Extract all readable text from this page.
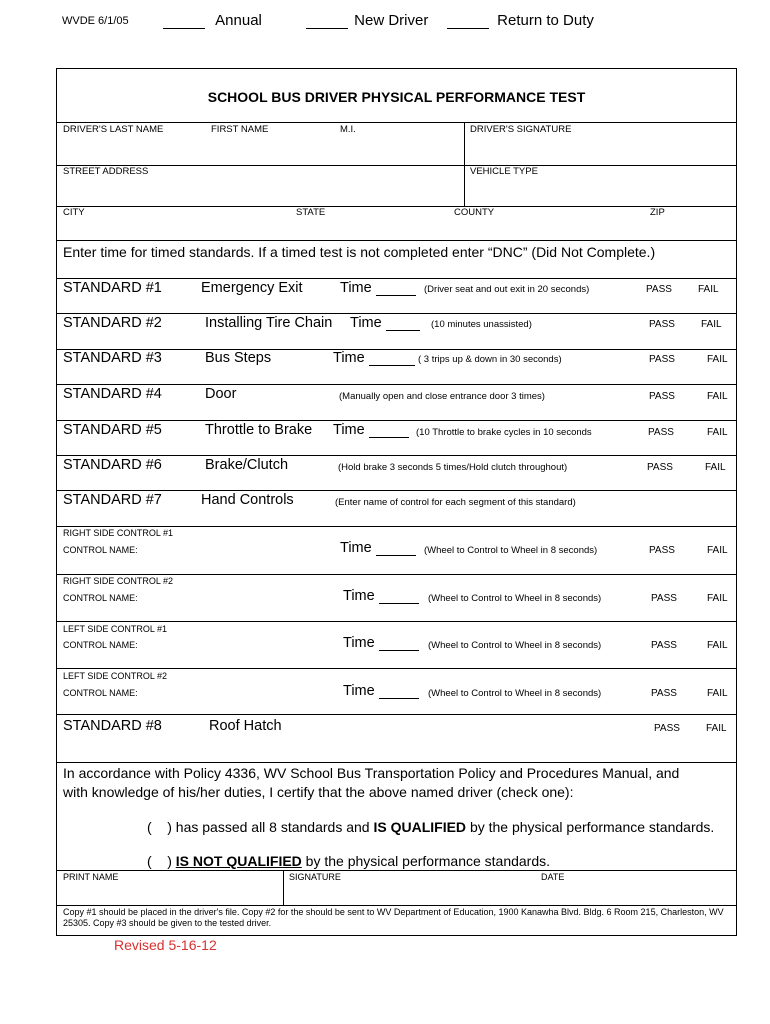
WVDE 6/1/05	Annual	New Driver	Return to Duty
SCHOOL BUS DRIVER PHYSICAL PERFORMANCE TEST
DRIVER'S LAST NAME	FIRST NAME	M.I.	DRIVER'S SIGNATURE
STREET ADDRESS	VEHICLE TYPE
CITY	STATE	COUNTY	ZIP
Enter time for timed standards. If a timed test is not completed enter “DNC” (Did Not Complete.)
STANDARD #1	Emergency Exit	Time	(Driver seat and out exit in 20 seconds)	PASS	FAIL
STANDARD #2	Installing Tire Chain Time	(10 minutes unassisted)	PASS	FAIL
STANDARD #3	Bus Steps	Time	( 3 trips up & down in 30 seconds)	PASS	FAIL
STANDARD #4	Door	(Manually open and close entrance door 3 times)	PASS	FAIL
STANDARD #5	Throttle to Brake Time	(10 Throttle to brake cycles in 10 seconds	PASS	FAIL
STANDARD #6	Brake/Clutch	(Hold brake 3 seconds 5 times/Hold clutch throughout)	PASS	FAIL
STANDARD #7	Hand Controls	(Enter name of control for each segment of this standard)
RIGHT SIDE CONTROL #1
CONTROL NAME:	Time	(Wheel to Control to Wheel in 8 seconds)	PASS	FAIL
RIGHT SIDE CONTROL #2
CONTROL NAME:	Time	(Wheel to Control to Wheel in 8 seconds)	PASS	FAIL
LEFT SIDE CONTROL #1
CONTROL NAME:	Time	(Wheel to Control to Wheel in 8 seconds)	PASS	FAIL
LEFT SIDE CONTROL #2
CONTROL NAME:	Time	(Wheel to Control to Wheel in 8 seconds)	PASS	FAIL
STANDARD #8	Roof Hatch	PASS	FAIL
In accordance with Policy 4336, WV School Bus Transportation Policy and Procedures Manual, and
with knowledge of his/her duties, I certify that the above named driver (check one):
(    ) has passed all 8 standards and IS QUALIFIED by the physical performance standards.
(    ) IS NOT QUALIFIED by the physical performance standards.
PRINT NAME	SIGNATURE	DATE
Copy #1 should be placed in the driver's file. Copy #2 for the should be sent to WV Department of Education, 1900 Kanawha Blvd. Bldg. 6 Room 215, Charleston, WV 25305. Copy #3 should be given to the tested driver.
Revised 5-16-12
